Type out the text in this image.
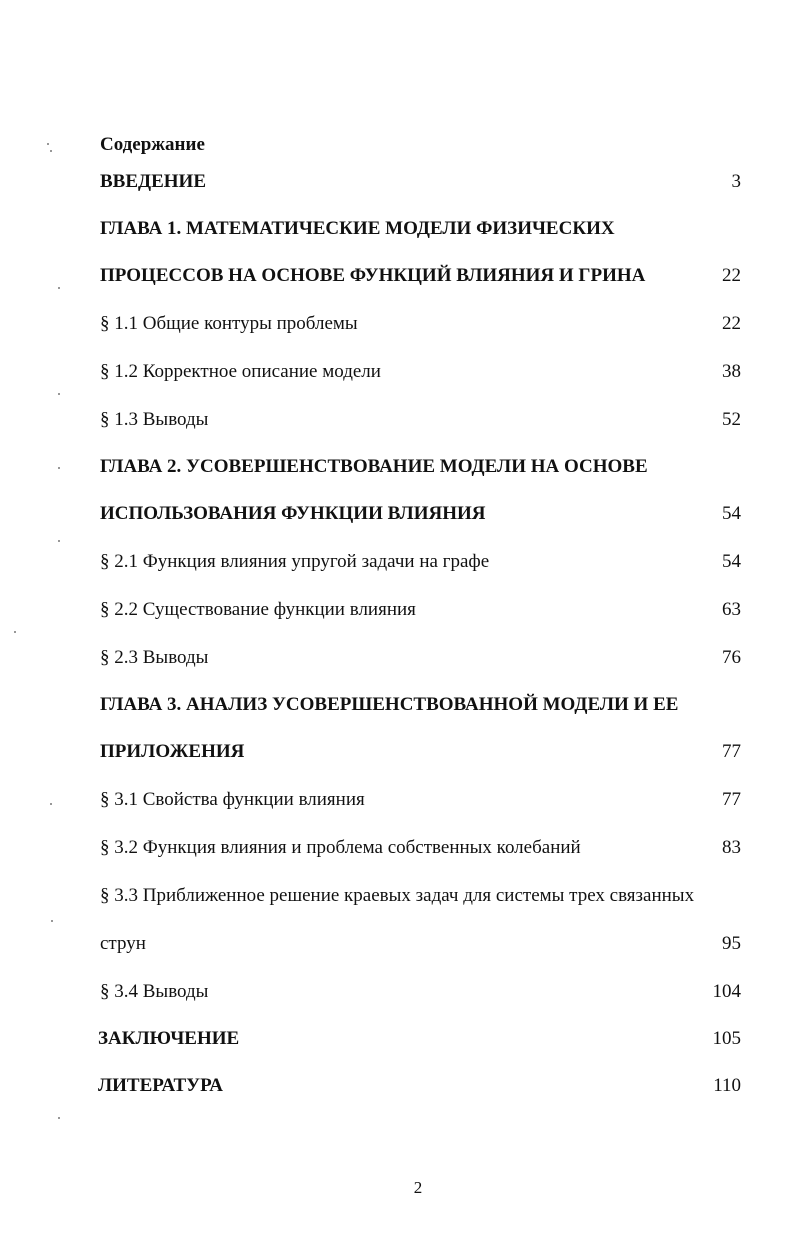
Содержание
ВВЕДЕНИЕ	3
ГЛАВА 1. МАТЕМАТИЧЕСКИЕ МОДЕЛИ ФИЗИЧЕСКИХ
ПРОЦЕССОВ НА ОСНОВЕ ФУНКЦИЙ ВЛИЯНИЯ И ГРИНА	22
§ 1.1 Общие контуры проблемы	22
§ 1.2 Корректное описание модели	38
§ 1.3 Выводы	52
ГЛАВА 2. УСОВЕРШЕНСТВОВАНИЕ МОДЕЛИ НА ОСНОВЕ
ИСПОЛЬЗОВАНИЯ ФУНКЦИИ ВЛИЯНИЯ	54
§ 2.1 Функция влияния упругой задачи на графе	54
§ 2.2 Существование функции влияния	63
§ 2.3 Выводы	76
ГЛАВА 3. АНАЛИЗ УСОВЕРШЕНСТВОВАННОЙ МОДЕЛИ И ЕЕ
ПРИЛОЖЕНИЯ	77
§ 3.1 Свойства функции влияния	77
§ 3.2 Функция влияния и проблема собственных колебаний	83
§ 3.3 Приближенное решение краевых задач для системы трех связанных
струн	95
§ 3.4 Выводы	104
ЗАКЛЮЧЕНИЕ	105
ЛИТЕРАТУРА	110
2
